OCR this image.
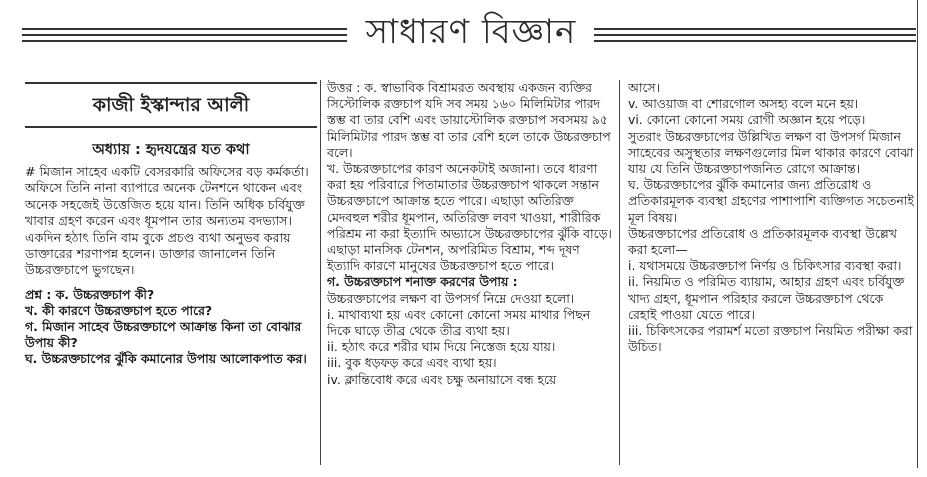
সাধারণ বিজ্ঞান
কাজী ইস্কান্দার আলী
অধ্যায় : হৃদযন্ত্রের যত কথা

# মিজান সাহেব একটি বেসরকারি অফিসের বড় কর্মকর্তা। অফিসে তিনি নানা ব্যাপারে অনেক টেনশনে থাকেন এবং অনেক সহজেই উত্তেজিত হয়ে যান। তিনি অধিক চর্বিযুক্ত খাবার গ্রহণ করেন এবং ধূমপান তার অন্যতম বদভ্যাস। একদিন হঠাৎ তিনি বাম বুকে প্রচণ্ড ব্যথা অনুভব করায় ডাক্তারের শরণাপন্ন হলেন। ডাক্তার জানালেন তিনি উচ্চরক্তচাপে ভুগছেন।

প্রশ্ন : ক. উচ্চরক্তচাপ কী?

খ. কী কারণে উচ্চরক্তচাপ হতে পারে?

গ. মিজান সাহেব উচ্চরক্তচাপে আক্রান্ত কিনা তা বোঝার উপায় কী?

ঘ. উচ্চরক্তচাপের ঝুঁকি কমানোর উপায় আলোকপাত কর।

উত্তর : ক. স্বাভাবিক বিশ্রামরত অবস্থায় একজন ব্যক্তির সিস্টোলিক রক্তচাপ যদি সব সময় ১৬০ মিলিমিটার পারদ স্তম্ভ বা তার বেশি এবং ডায়াস্টোলিক রক্তচাপ সবসময় ৯৫ মিলিমিটার পারদ স্তম্ভ বা তার বেশি হলে তাকে উচ্চরক্তচাপ বলে।

খ. উচ্চরক্তচাপের কারণ অনেকটাই অজানা। তবে ধারণা করা হয় পরিবারে পিতামাতার উচ্চরক্তচাপ থাকলে সন্তান উচ্চরক্তচাপে আক্রান্ত হতে পারে। এছাড়া অতিরিক্ত মেদবহুল শরীর ধূমপান, অতিরিক্ত লবণ খাওয়া, শারীরিক পরিশ্রম না করা ইত্যাদি অভ্যাসে উচ্চরক্তচাপের ঝুঁকি বাড়ে। এছাড়া মানসিক টেনশন, অপরিমিত বিশ্রাম, শব্দ দূষণ ইত্যাদি কারণে মানুষের উচ্চরক্তচাপ হতে পারে।

গ. উচ্চরক্তচাপ শনাক্ত করণের উপায় :

উচ্চরক্তচাপের লক্ষণ বা উপসর্গ নিম্নে দেওয়া হলো।

i. মাথাব্যথা হয় এবং কোনো কোনো সময় মাথার পিছন দিকে ঘাড়ে তীব্র থেকে তীব্র ব্যথা হয়।

ii. হঠাৎ করে শরীর ঘাম দিয়ে নিস্তেজ হয়ে যায়।

iii. বুক ধড়ফড় করে এবং ব্যথা হয়।

iv. ক্লান্তিবোধ করে এবং চক্ষু অনায়াসে বন্ধ হয়ে

আসে।

v. আওয়াজ বা শোরগোল অসহ্য বলে মনে হয়।

vi. কোনো কোনো সময় রোগী অজ্ঞান হয়ে পড়ে।

সুতরাং উচ্চরক্তচাপের উল্লিখিত লক্ষণ বা উপসর্গ মিজান সাহেবের অসুস্থতার লক্ষণগুলোর মিল থাকার কারণে বোঝা যায় যে তিনি উচ্চরক্তচাপজনিত রোগে আক্রান্ত।

ঘ. উচ্চরক্তচাপের ঝুঁকি কমানোর জন্য প্রতিরোধ ও প্রতিকারমূলক ব্যবস্থা গ্রহণের পাশাপাশি ব্যক্তিগত সচেতনাই মূল বিষয়।

উচ্চরক্তচাপের প্রতিরোধ ও প্রতিকারমূলক ব্যবস্থা উল্লেখ করা হলো—

i. যথাসময়ে উচ্চরক্তচাপ নির্ণয় ও চিকিৎসার ব্যবস্থা করা।

ii. নিয়মিত ও পরিমিত ব্যায়াম, আহার গ্রহণ এবং চর্বিযুক্ত খাদ্য গ্রহণ, ধূমপান পরিহার করলে উচ্চরক্তচাপ থেকে রেহাই পাওয়া যেতে পারে।

iii. চিকিৎসকের পরামর্শ মতো রক্তচাপ নিয়মিত পরীক্ষা করা উচিত।
